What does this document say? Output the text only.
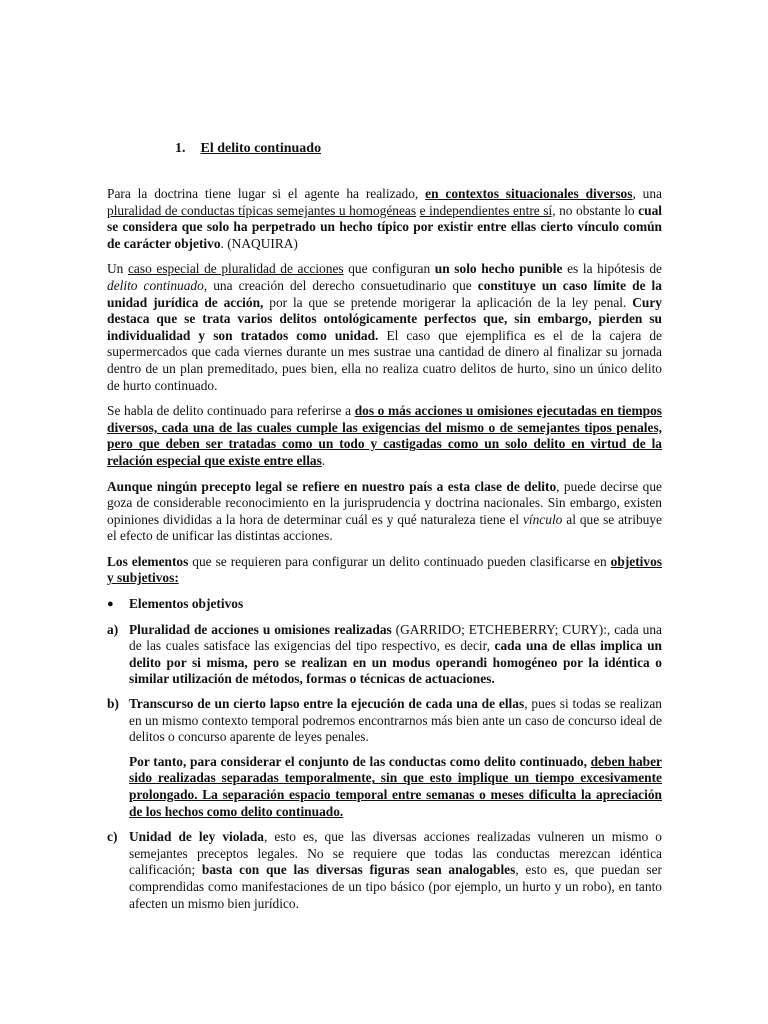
1. El delito continuado

Para la doctrina tiene lugar si el agente ha realizado, en contextos situacionales diversos, una pluralidad de conductas típicas semejantes u homogéneas e independientes entre sí, no obstante lo cual se considera que solo ha perpetrado un hecho típico por existir entre ellas cierto vínculo común de carácter objetivo. (NAQUIRA)

Un caso especial de pluralidad de acciones que configuran un solo hecho punible es la hipótesis de delito continuado, una creación del derecho consuetudinario que constituye un caso límite de la unidad jurídica de acción, por la que se pretende morigerar la aplicación de la ley penal. Cury destaca que se trata varios delitos ontológicamente perfectos que, sin embargo, pierden su individualidad y son tratados como unidad. El caso que ejemplifica es el de la cajera de supermercados que cada viernes durante un mes sustrae una cantidad de dinero al finalizar su jornada dentro de un plan premeditado, pues bien, ella no realiza cuatro delitos de hurto, sino un único delito de hurto continuado.

Se habla de delito continuado para referirse a dos o más acciones u omisiones ejecutadas en tiempos diversos, cada una de las cuales cumple las exigencias del mismo o de semejantes tipos penales, pero que deben ser tratadas como un todo y castigadas como un solo delito en virtud de la relación especial que existe entre ellas.

Aunque ningún precepto legal se refiere en nuestro país a esta clase de delito, puede decirse que goza de considerable reconocimiento en la jurisprudencia y doctrina nacionales. Sin embargo, existen opiniones divididas a la hora de determinar cuál es y qué naturaleza tiene el vínculo al que se atribuye el efecto de unificar las distintas acciones.

Los elementos que se requieren para configurar un delito continuado pueden clasificarse en objetivos y subjetivos:

●	Elementos objetivos
a) Pluralidad de acciones u omisiones realizadas (GARRIDO; ETCHEBERRY; CURY):, cada una de las cuales satisface las exigencias del tipo respectivo, es decir, cada una de ellas implica un delito por si misma, pero se realizan en un modus operandi homogéneo por la idéntica o similar utilización de métodos, formas o técnicas de actuaciones.
b) Transcurso de un cierto lapso entre la ejecución de cada una de ellas, pues si todas se realizan en un mismo contexto temporal podremos encontrarnos más bien ante un caso de concurso ideal de delitos o concurso aparente de leyes penales.

Por tanto, para considerar el conjunto de las conductas como delito continuado, deben haber sido realizadas separadas temporalmente, sin que esto implique un tiempo excesivamente prolongado. La separación espacio temporal entre semanas o meses dificulta la apreciación de los hechos como delito continuado.

c) Unidad de ley violada, esto es, que las diversas acciones realizadas vulneren un mismo o semejantes preceptos legales. No se requiere que todas las conductas merezcan idéntica calificación; basta con que las diversas figuras sean analogables, esto es, que puedan ser comprendidas como manifestaciones de un tipo básico (por ejemplo, un hurto y un robo), en tanto afecten un mismo bien jurídico.
